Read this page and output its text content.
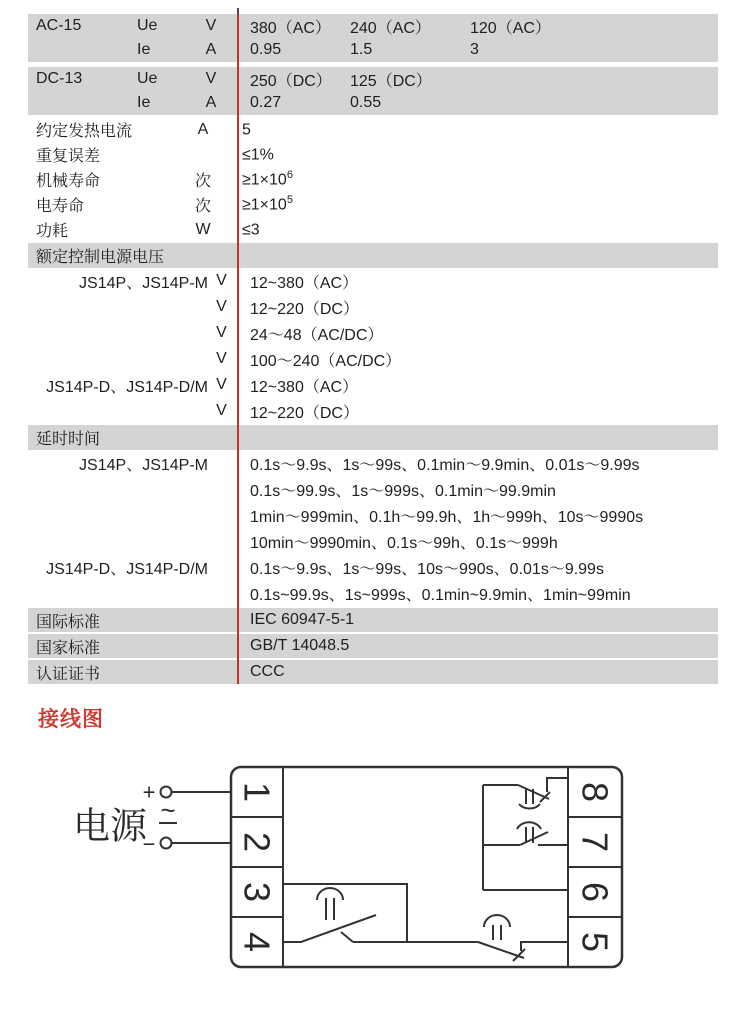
AC-15	Ue	V	380（AC）	240（AC）	120（AC）
Ie	A	0.95	1.5	3
DC-13	Ue	V	250（DC）	125（DC）
Ie	A	0.27	0.55
约定发热电流	A	5
重复误差	≤1%
机械寿命	次	$\ge 1\times 10^6$
电寿命	次	$\ge 1\times 10^5$
功耗	W	≤3
额定控制电源电压
JS14P、JS14P-M V	12~380（AC）
V	12~220（DC）
V	24～48（AC/DC）
V	100～240（AC/DC）
JS14P-D、JS14P-D/M V	12~380（AC）
V	12~220（DC）
延时时间
JS14P、JS14P-M	0.1s～9.9s、1s～99s、0.1min～9.9min、0.01s～9.99s
0.1s～99.9s、1s～999s、0.1min～99.9min
1min～999min、0.1h～99.9h、1h～999h、10s～9990s
10min～9990min、0.1s～99h、0.1s～999h
JS14P-D、JS14P-D/M	0.1s～9.9s、1s～99s、10s～990s、0.01s～9.99s
0.1s~99.9s、1s~999s、0.1min~9.9min、1min~99min
国际标准	IEC 60947-5-1
国家标准	GB/T 14048.5
认证证书	CCC
接线图
1
2
3
4
8
7
6
5
+
~
−
电源
